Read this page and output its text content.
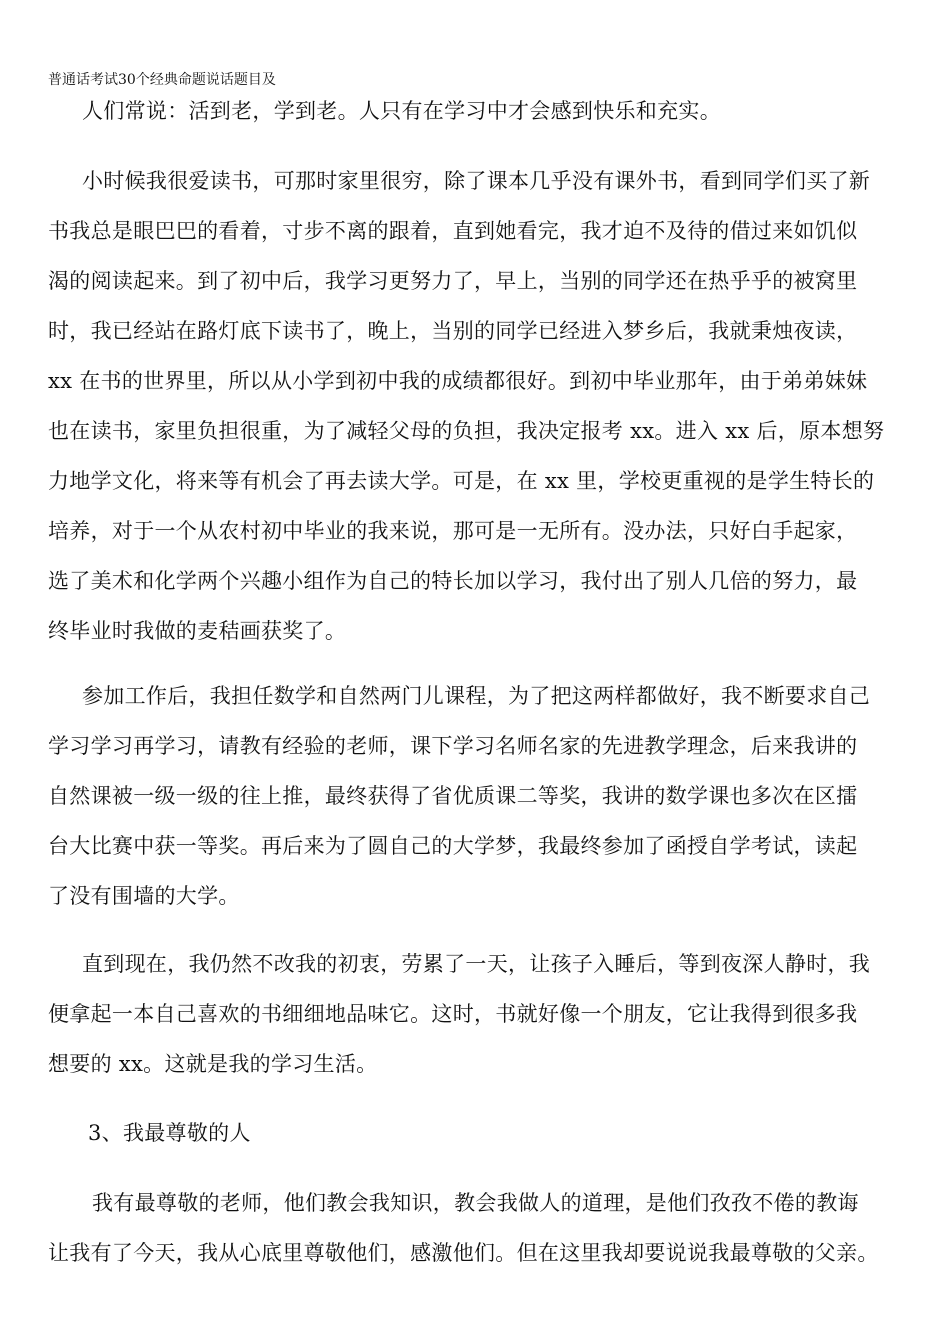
普通话考试30个经典命题说话题目及
人们常说：活到老，学到老。人只有在学习中才会感到快乐和充实。
小时候我很爱读书，可那时家里很穷，除了课本几乎没有课外书，看到同学们买了新
书我总是眼巴巴的看着，寸步不离的跟着，直到她看完，我才迫不及待的借过来如饥似
渴的阅读起来。到了初中后，我学习更努力了，早上，当别的同学还在热乎乎的被窝里
时，我已经站在路灯底下读书了，晚上，当别的同学已经进入梦乡后，我就秉烛夜读，
xx 在书的世界里，所以从小学到初中我的成绩都很好。到初中毕业那年，由于弟弟妹妹
也在读书，家里负担很重，为了减轻父母的负担，我决定报考 xx。进入 xx 后，原本想努
力地学文化，将来等有机会了再去读大学。可是，在 xx 里，学校更重视的是学生特长的
培养，对于一个从农村初中毕业的我来说，那可是一无所有。没办法，只好白手起家，
选了美术和化学两个兴趣小组作为自己的特长加以学习，我付出了别人几倍的努力，最
终毕业时我做的麦秸画获奖了。
参加工作后，我担任数学和自然两门儿课程，为了把这两样都做好，我不断要求自己
学习学习再学习，请教有经验的老师，课下学习名师名家的先进教学理念，后来我讲的
自然课被一级一级的往上推，最终获得了省优质课二等奖，我讲的数学课也多次在区擂
台大比赛中获一等奖。再后来为了圆自己的大学梦，我最终参加了函授自学考试，读起
了没有围墙的大学。
直到现在，我仍然不改我的初衷，劳累了一天，让孩子入睡后，等到夜深人静时，我
便拿起一本自己喜欢的书细细地品味它。这时，书就好像一个朋友，它让我得到很多我
想要的 xx。这就是我的学习生活。
3、我最尊敬的人
我有最尊敬的老师，他们教会我知识，教会我做人的道理，是他们孜孜不倦的教诲
让我有了今天，我从心底里尊敬他们，感激他们。但在这里我却要说说我最尊敬的父亲。
